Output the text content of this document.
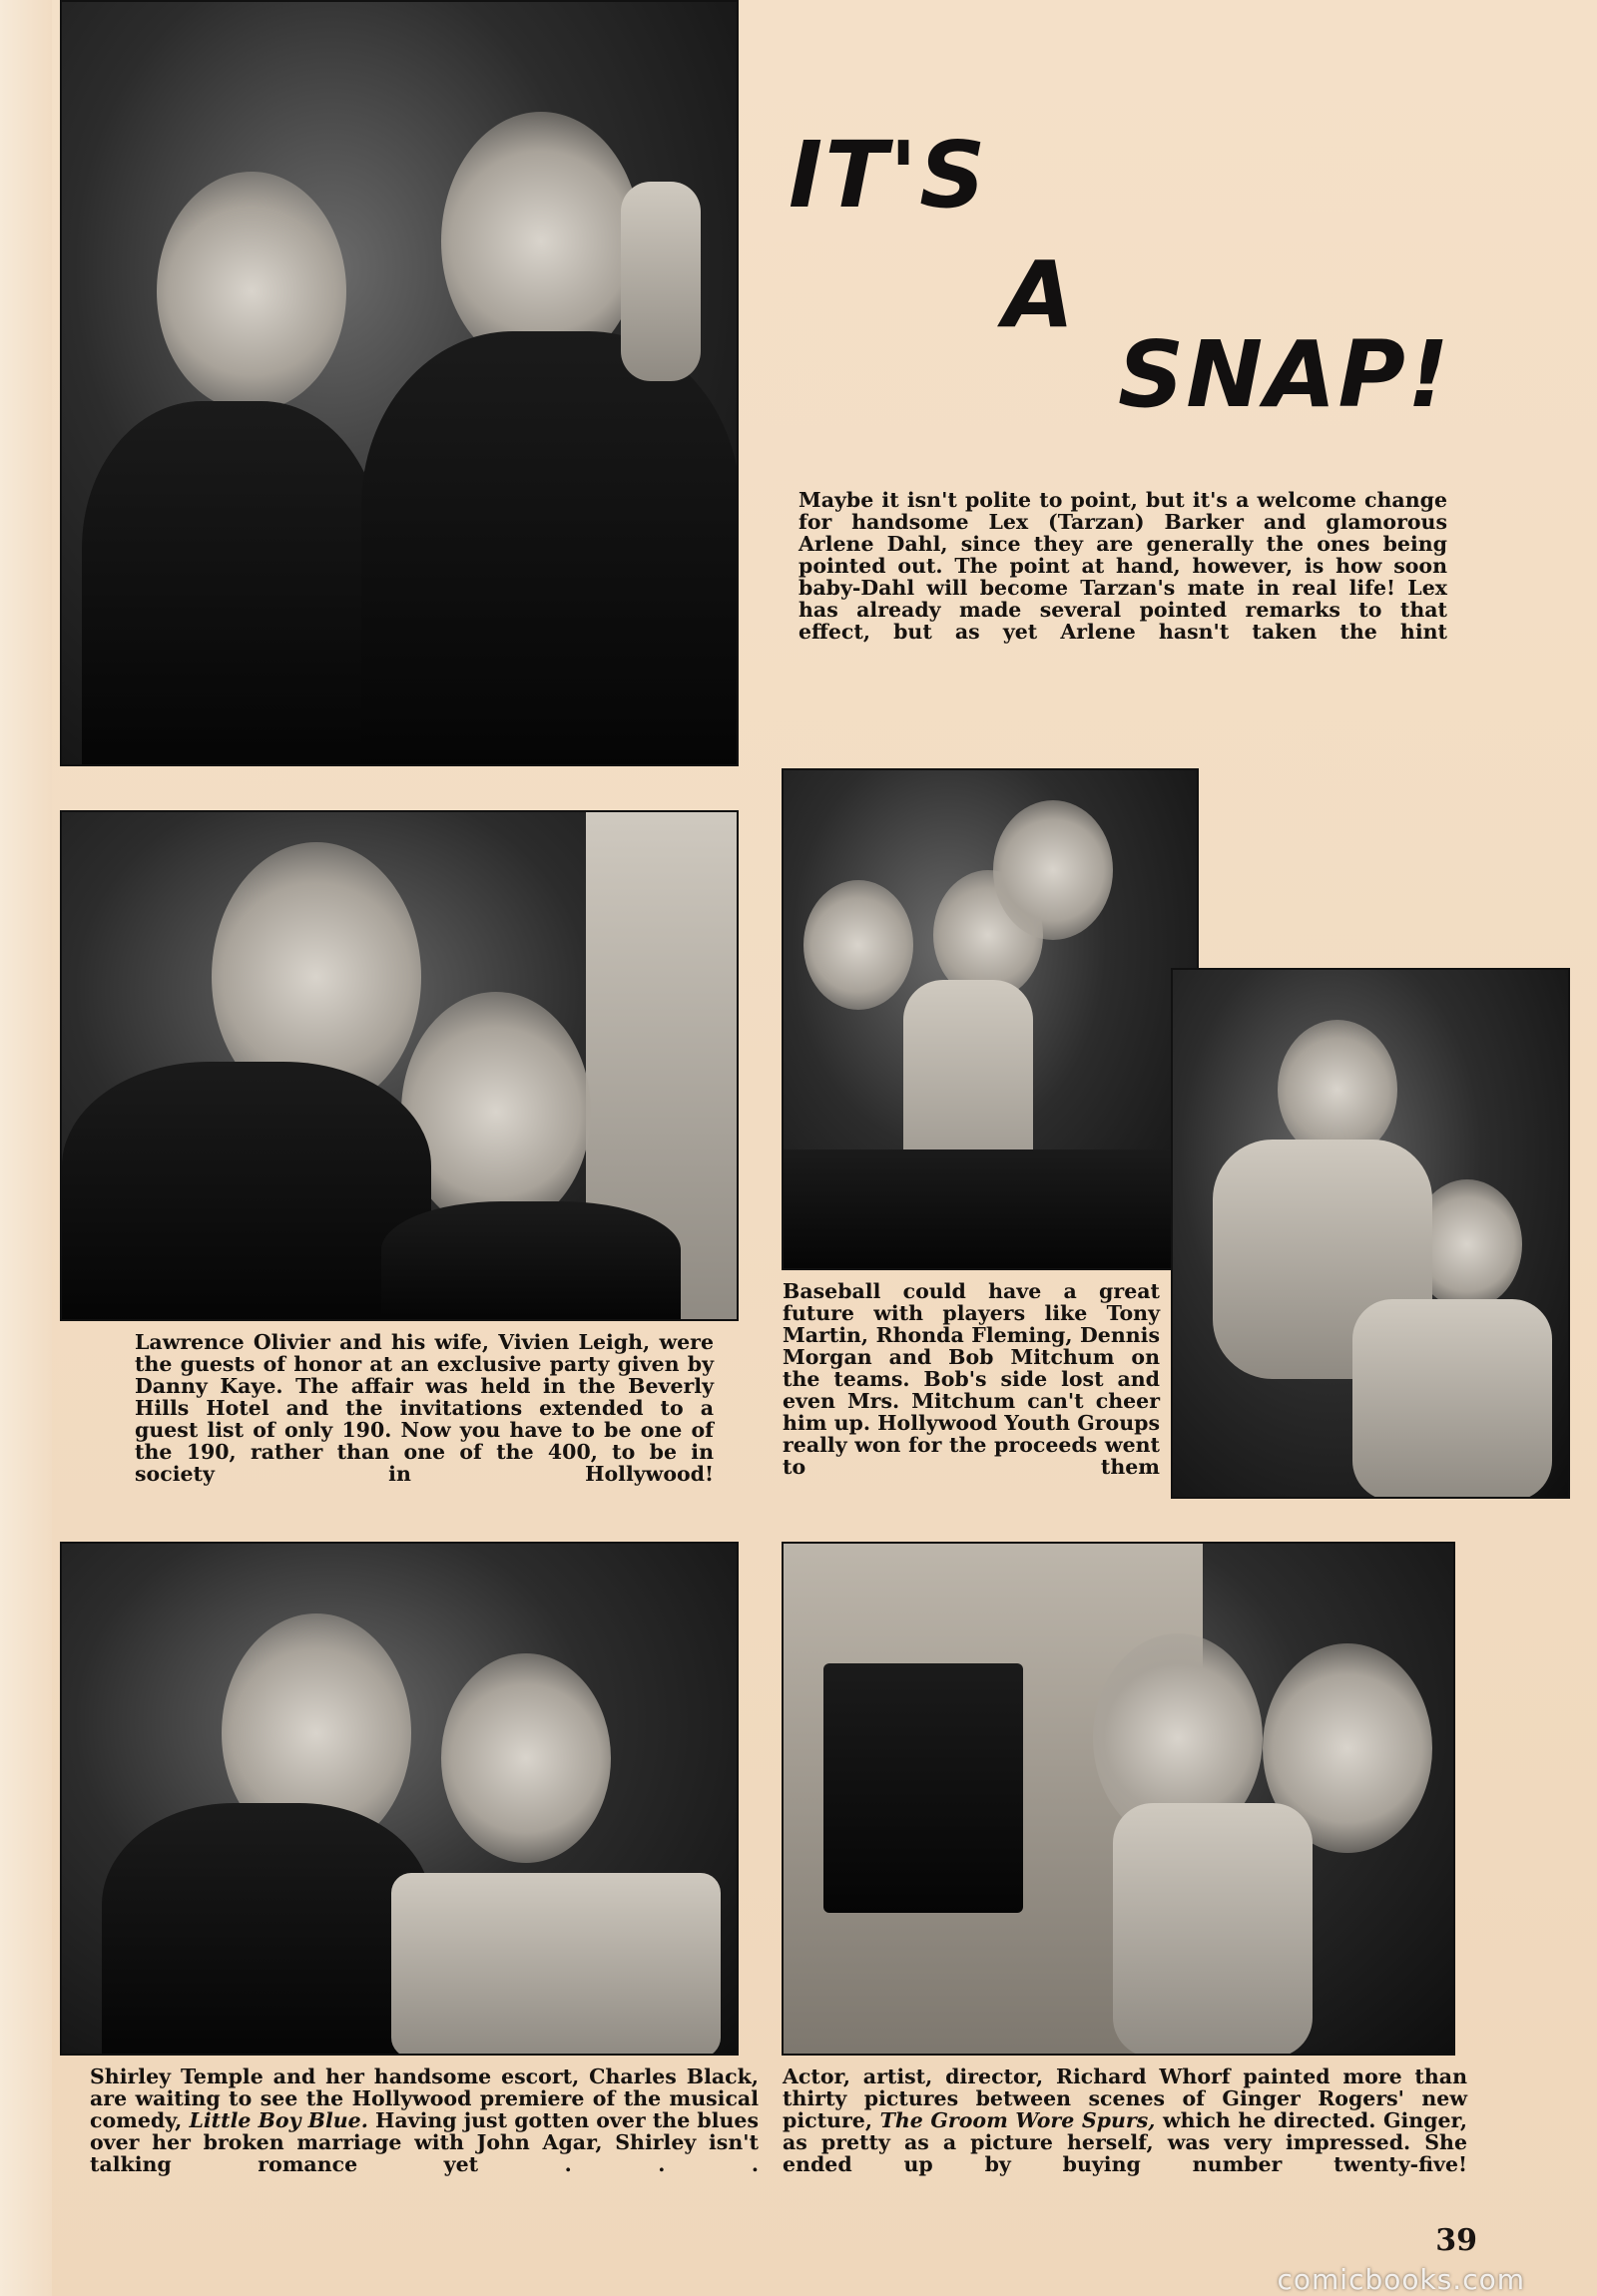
IT'S
A
SNAP!
Maybe it isn't polite to point, but it's a welcome change for handsome Lex (Tarzan) Barker and glamorous Arlene Dahl, since they are generally the ones being pointed out. The point at hand, however, is how soon baby-Dahl will become Tarzan's mate in real life! Lex has already made several pointed remarks to that effect, but as yet Arlene hasn't taken the hint
Lawrence Olivier and his wife, Vivien Leigh, were the guests of honor at an exclusive party given by Danny Kaye. The affair was held in the Beverly Hills Hotel and the invitations extended to a guest list of only 190. Now you have to be one of the 190, rather than one of the 400, to be in society in Hollywood!
Baseball could have a great future with players like Tony Martin, Rhonda Fleming, Dennis Morgan and Bob Mitchum on the teams. Bob's side lost and even Mrs. Mitchum can't cheer him up. Hollywood Youth Groups really won for the proceeds went to them
Shirley Temple and her handsome escort, Charles Black, are waiting to see the Hollywood premiere of the musical comedy, Little Boy Blue. Having just gotten over the blues over her broken marriage with John Agar, Shirley isn't talking romance yet . . .
Actor, artist, director, Richard Whorf painted more than thirty pictures between scenes of Ginger Rogers' new picture, The Groom Wore Spurs, which he directed. Ginger, as pretty as a picture herself, was very impressed. She ended up by buying number twenty-five!
39
comicbooks.com
